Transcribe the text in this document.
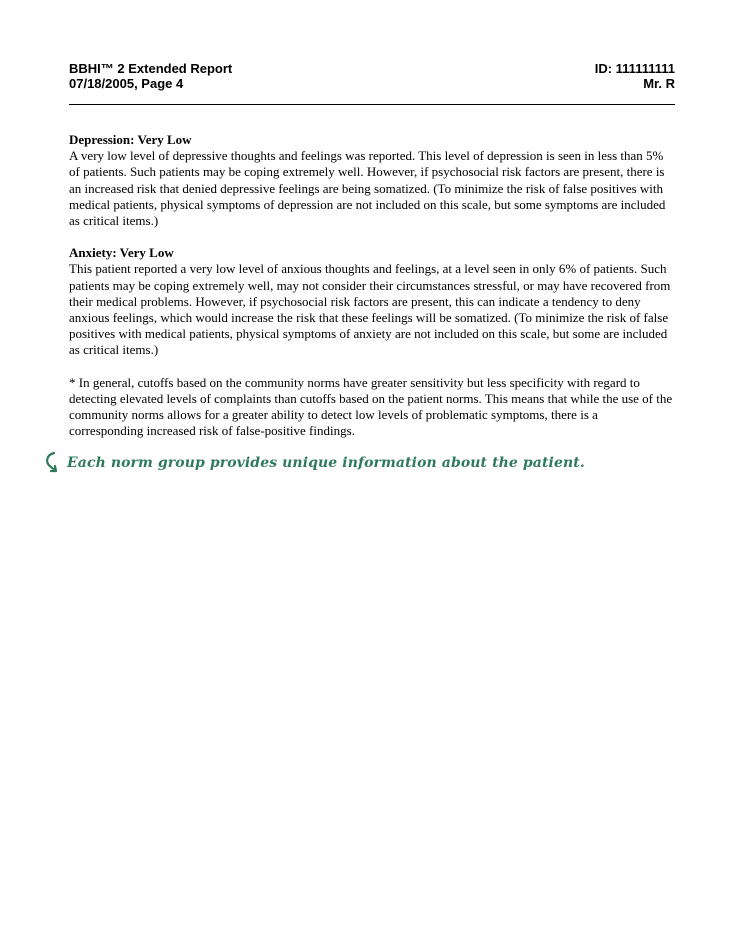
BBHI™ 2 Extended Report	ID: 111111111
07/18/2005, Page 4	Mr. R
Depression: Very Low

A very low level of depressive thoughts and feelings was reported. This level of depression is seen in less than 5% of patients. Such patients may be coping extremely well. However, if psychosocial risk factors are present, there is an increased risk that denied depressive feelings are being somatized. (To minimize the risk of false positives with medical patients, physical symptoms of depression are not included on this scale, but some symptoms are included as critical items.)

Anxiety: Very Low

This patient reported a very low level of anxious thoughts and feelings, at a level seen in only 6% of patients. Such patients may be coping extremely well, may not consider their circumstances stressful, or may have recovered from their medical problems. However, if psychosocial risk factors are present, this can indicate a tendency to deny anxious feelings, which would increase the risk that these feelings will be somatized. (To minimize the risk of false positives with medical patients, physical symptoms of anxiety are not included on this scale, but some are included as critical items.)

* In general, cutoffs based on the community norms have greater sensitivity but less specificity with regard to detecting elevated levels of complaints than cutoffs based on the patient norms. This means that while the use of the community norms allows for a greater ability to detect low levels of problematic symptoms, there is a corresponding increased risk of false-positive findings.

Each norm group provides unique information about the patient.
